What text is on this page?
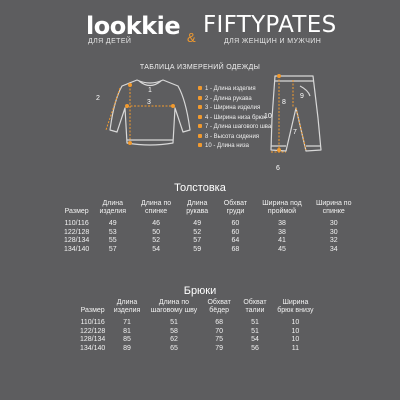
lookkie & FIFTYPATES
ДЛЯ ДЕТЕЙ	ДЛЯ ЖЕНЩИН И МУЖЧИН
ТАБЛИЦА ИЗМЕРЕНИЙ ОДЕЖДЫ
1
2
3
10
7
8
6
9
1 - Длина изделия
2 - Длина рукава
3 - Ширина изделия
4 - Ширина низа брюк
7 - Длина шагового шва
8 - Высота сидения
10 - Длина низа
Толстовка
Размер	Длина изделия	Длина по спинке	Длина рукава	Обхват груди	Ширина под проймой	Ширина по спинке
110/116	49	46	49	60	38	30
122/128	53	50	52	60	38	30
128/134	55	52	57	64	41	32
134/140	57	54	59	68	45	34
Брюки
Размер	Длина изделия	Длина по шаговому шву	Обхват бёдер	Обхват талии	Ширина брюк внизу
110/116	71	51	68	51	10
122/128	81	58	70	51	10
128/134	85	62	75	54	10
134/140	89	65	79	56	11
